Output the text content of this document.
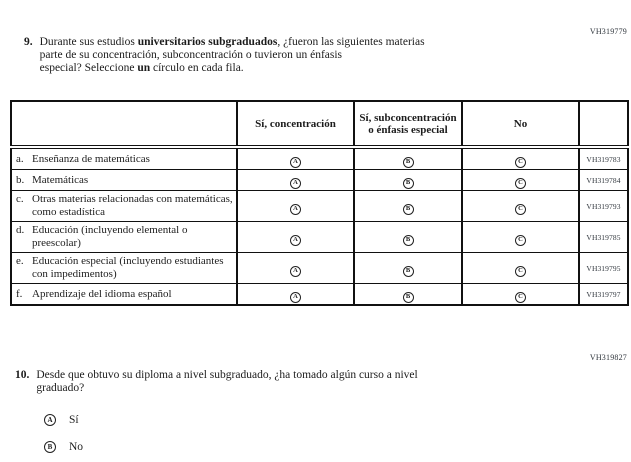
VH319779
9. Durante sus estudios universitarios subgraduados, ¿fueron las siguientes materias
parte de su concentración, subconcentración o tuvieron un énfasis
especial? Seleccione un círculo en cada fila.
	Sí, concentración	Sí, subconcentración o énfasis especial	No	

a. Enseñanza de matemáticas	A	B	C	VH319783

b. Matemáticas	A	B	C	VH319784

c. Otras materias relacionadas con matemáticas, como estadística	A	B	C	VH319793

d. Educación (incluyendo elemental o preescolar)	A	B	C	VH319785

e. Educación especial (incluyendo estudiantes con impedimentos)	A	B	C	VH319795

f. Aprendizaje del idioma español	A	B	C	VH319797
VH319827
10. Desde que obtuvo su diploma a nivel subgraduado, ¿ha tomado algún curso a nivel
graduado?
A	Sí
B	No
